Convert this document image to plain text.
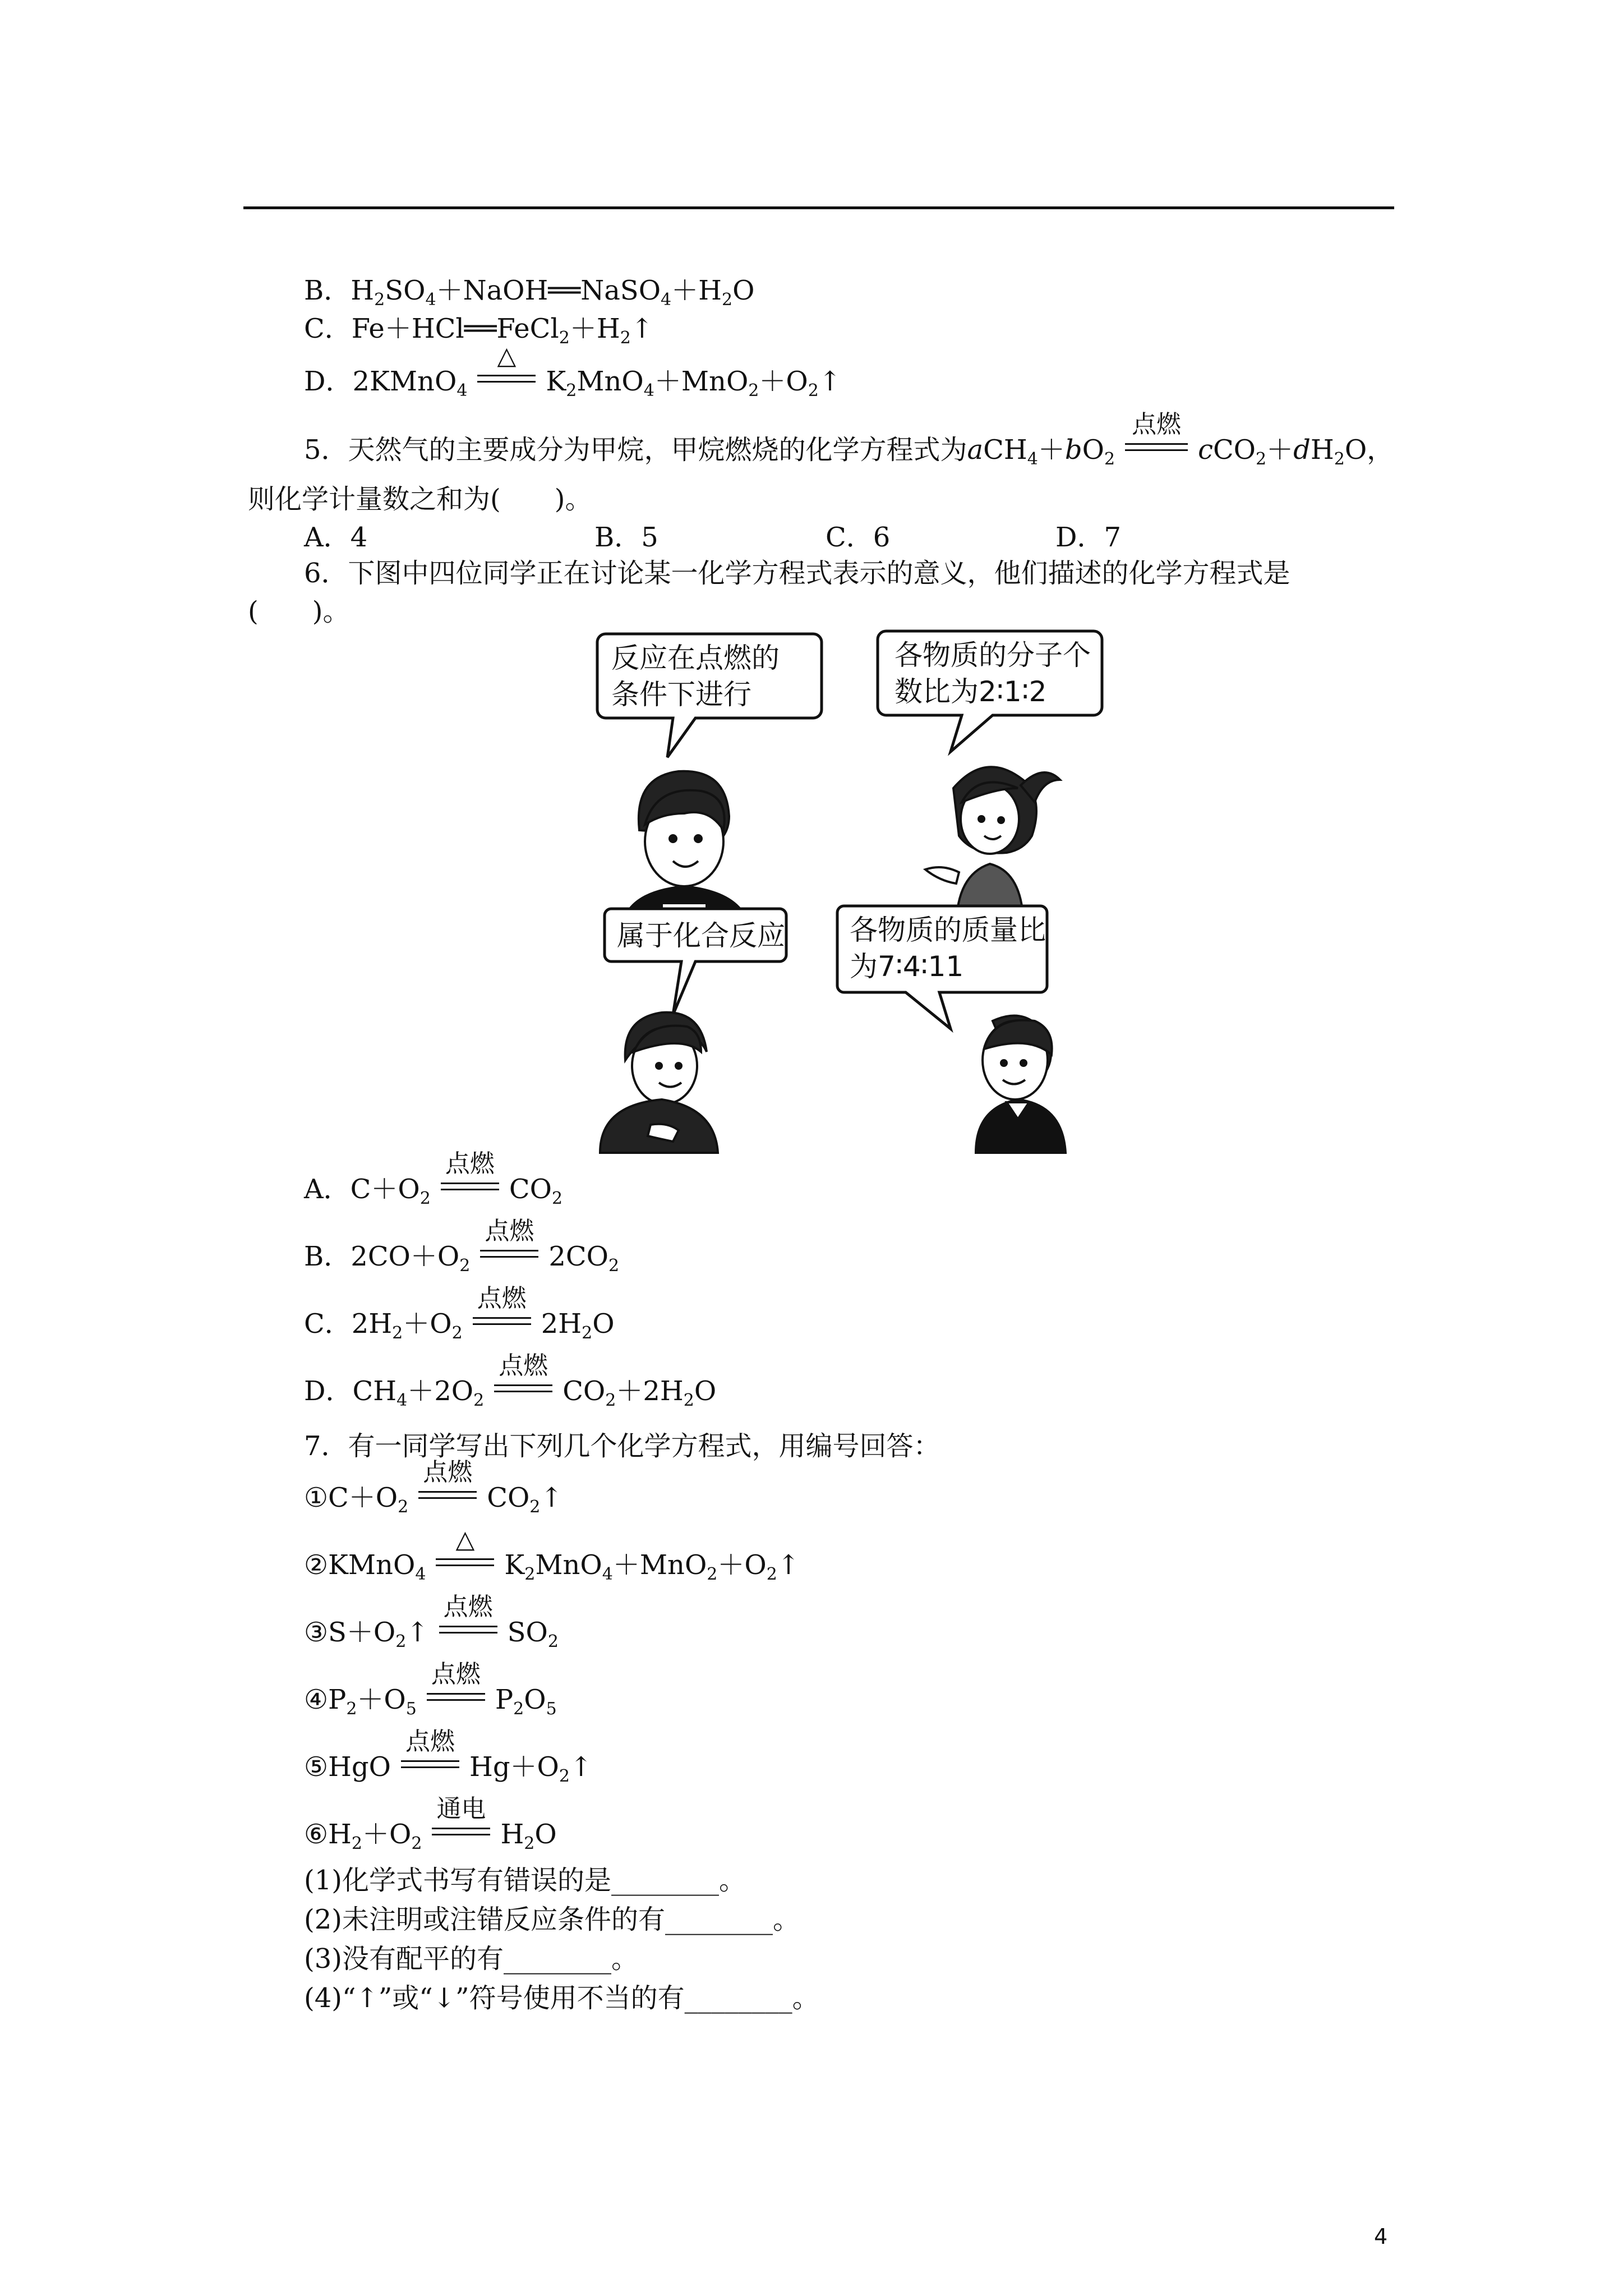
B．$H_2SO_4+NaOH══NaSO_4+H_2O$
C．$Fe+HCl══FeCl_2+H_2↑$
D．2KMnO$_4$
△
$K_2MnO_4+MnO_2+O_2↑$
5．天然气的主要成分为甲烷，甲烷燃烧的化学方程式为$aCH_4+bO_2$
点燃
$cCO_2+dH_2O$，
则化学计量数之和为(　　)。
A．4	B．5	C．6	D．7
6．下图中四位同学正在讨论某一化学方程式表示的意义，他们描述的化学方程式是
(　　)。
反应在点燃的
条件下进行
各物质的分子个
数比为2∶1∶2
属于化合反应 各物质的质量比
为7∶4∶11
A．$C+O_2$
点燃
$CO_2$
B．$2CO+O_2$
点燃
$2CO_2$
C．$2H_2+O_2$
点燃
$2H_2O$
D．$CH_4+2O_2$
点燃
$CO_2+2H_2O$
7．有一同学写出下列几个化学方程式，用编号回答：
$①C+O_2$
点燃
$CO_2↑$
②KMnO$_4$
△
$K_2MnO_4+MnO_2+O_2↑$
$③S+O_2↑$
点燃
$SO_2$
$④P_2+O_5$
点燃
$P_2O_5$
⑤HgO
点燃
$Hg+O_2↑$
$⑥H_2+O_2$
通电
$H_2O$
(1)化学式书写有错误的是________。
(2)未注明或注错反应条件的有________。
(3)没有配平的有________。
(4)“↑”或“↓”符号使用不当的有________。
4
